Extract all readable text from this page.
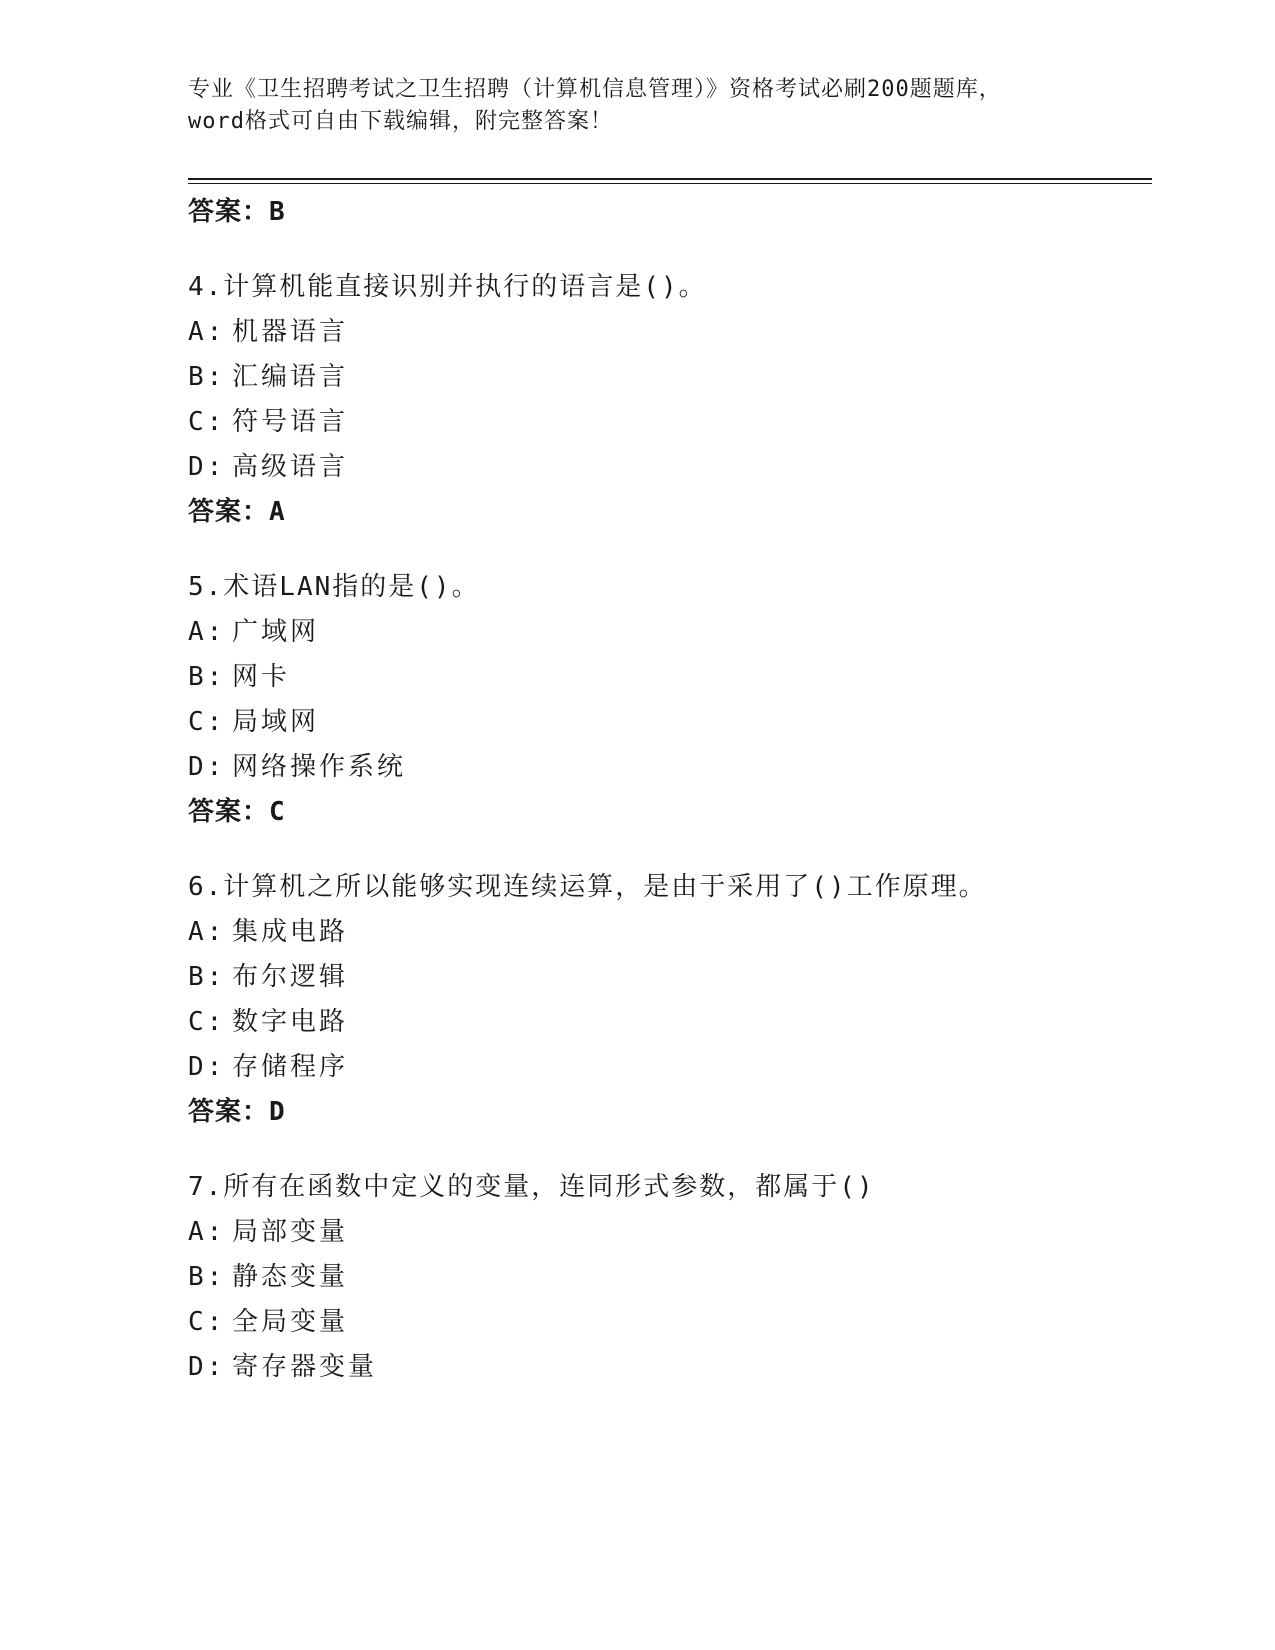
专业《卫生招聘考试之卫生招聘（计算机信息管理）》资格考试必刷200题题库，
word格式可自由下载编辑，附完整答案！
答案：B
4.计算机能直接识别并执行的语言是()。
A: 机器语言
B: 汇编语言
C: 符号语言
D: 高级语言
答案：A
5.术语LAN指的是()。
A: 广域网
B: 网卡
C: 局域网
D: 网络操作系统
答案：C
6.计算机之所以能够实现连续运算，是由于采用了()工作原理。
A: 集成电路
B: 布尔逻辑
C: 数字电路
D: 存储程序
答案：D
7.所有在函数中定义的变量，连同形式参数，都属于()
A: 局部变量
B: 静态变量
C: 全局变量
D: 寄存器变量
